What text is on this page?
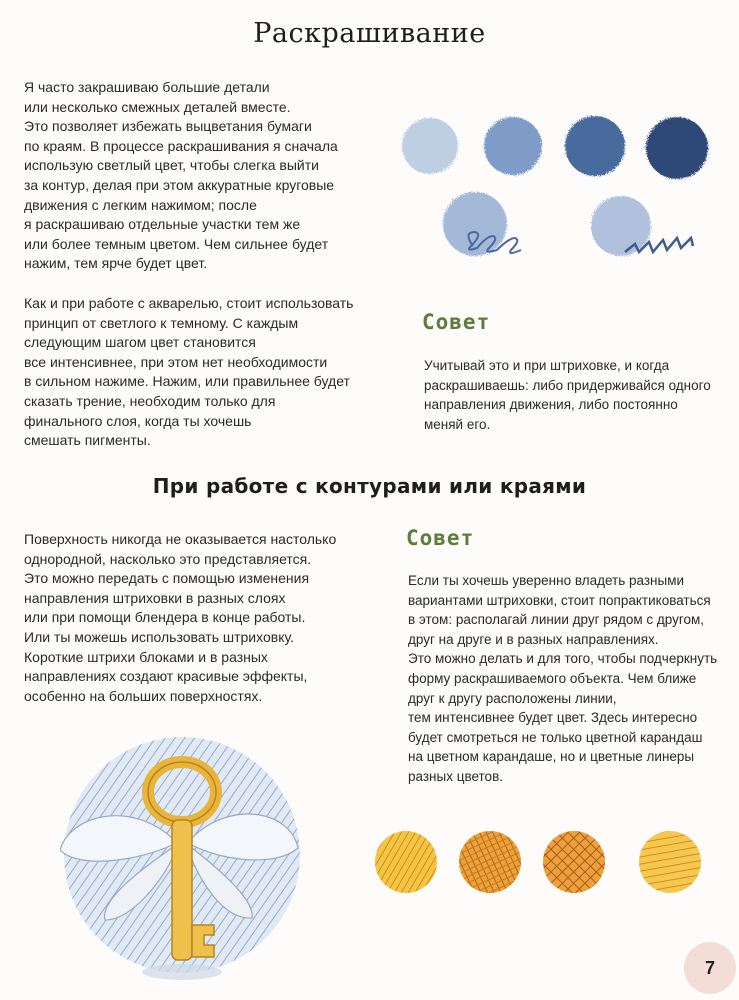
Раскрашивание
Я часто закрашиваю большие детали
или несколько смежных деталей вместе.
Это позволяет избежать выцветания бумаги
по краям. В процессе раскрашивания я сначала
использую светлый цвет, чтобы слегка выйти
за контур, делая при этом аккуратные круговые
движения с легким нажимом; после
я раскрашиваю отдельные участки тем же
или более темным цветом. Чем сильнее будет
нажим, тем ярче будет цвет.
Как и при работе с акварелью, стоит использовать
принцип от светлого к темному. С каждым
следующим шагом цвет становится
все интенсивнее, при этом нет необходимости
в сильном нажиме. Нажим, или правильнее будет
сказать трение, необходим только для
финального слоя, когда ты хочешь
смешать пигменты.
Совет
Учитывай это и при штриховке, и когда
раскрашиваешь: либо придерживайся одного
направления движения, либо постоянно
меняй его.
При работе с контурами или краями
Поверхность никогда не оказывается настолько
однородной, насколько это представляется.
Это можно передать с помощью изменения
направления штриховки в разных слоях
или при помощи блендера в конце работы.
Или ты можешь использовать штриховку.
Короткие штрихи блоками и в разных
направлениях создают красивые эффекты,
особенно на больших поверхностях.
Совет
Если ты хочешь уверенно владеть разными
вариантами штриховки, стоит попрактиковаться
в этом: располагай линии друг рядом с другом,
друг на друге и в разных направлениях.
Это можно делать и для того, чтобы подчеркнуть
форму раскрашиваемого объекта. Чем ближе
друг к другу расположены линии,
тем интенсивнее будет цвет. Здесь интересно
будет смотреться не только цветной карандаш
на цветном карандаше, но и цветные линеры
разных цветов.
7
